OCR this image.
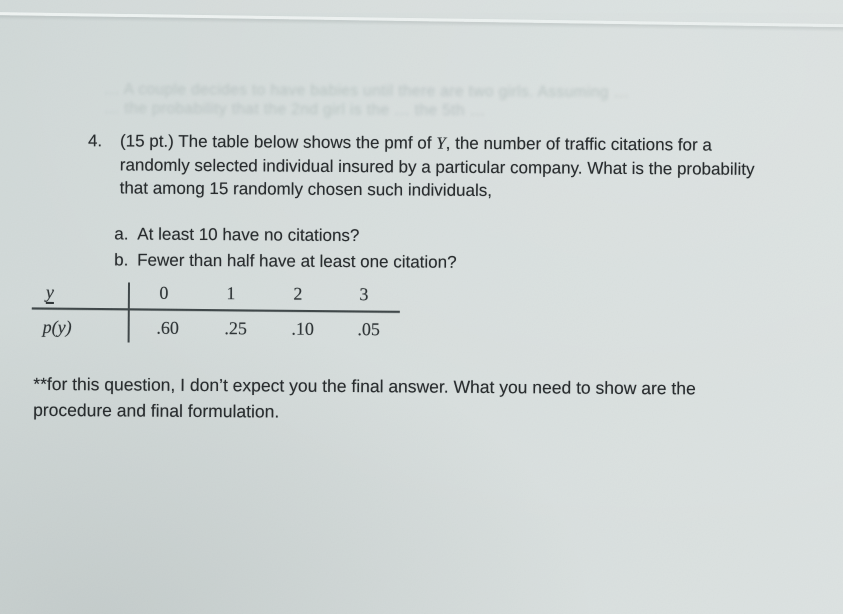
… A couple decides to have babies until there are two girls. Assuming …
… the probability that the 2nd girl is the … the 5th …
4.	(15 pt.) The table below shows the pmf of Y, the number of traffic citations for a
randomly selected individual insured by a particular company. What is the probability
that among 15 randomly chosen such individuals,
a. At least 10 have no citations?
b. Fewer than half have at least one citation?
y	0	1	2	3
p(y)	.60	.25	.10	.05
**for this question, I don’t expect you the final answer. What you need to show are the
procedure and final formulation.
